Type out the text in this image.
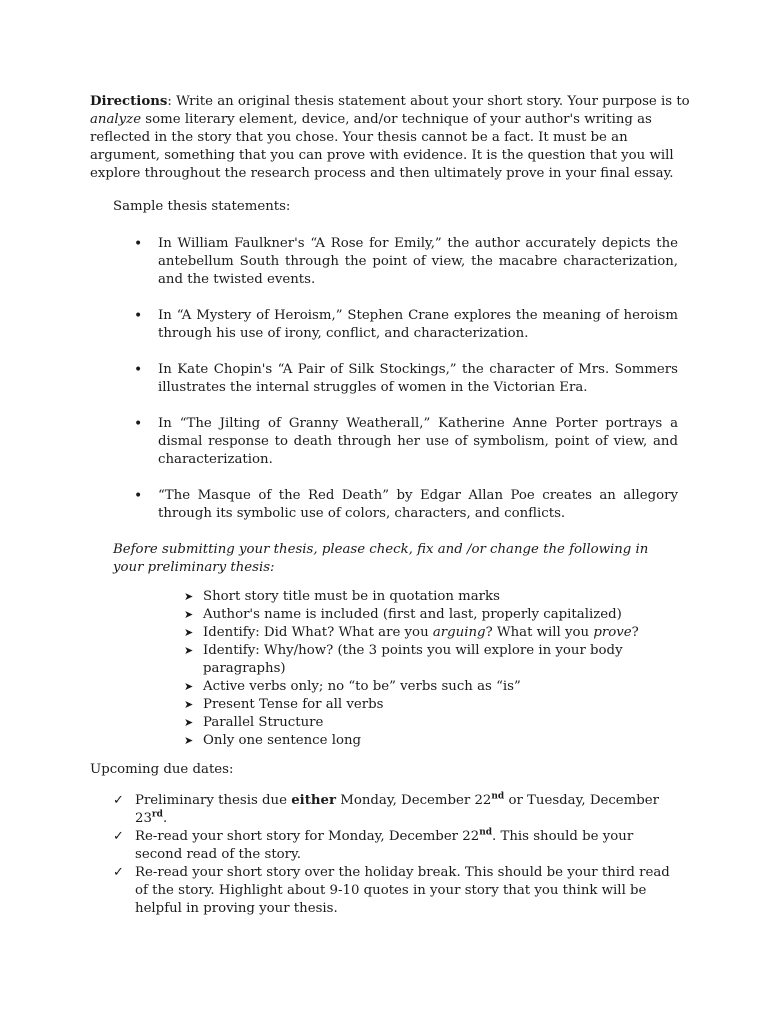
Directions: Write an original thesis statement about your short story. Your purpose is to analyze some literary element, device, and/or technique of your author's writing as reflected in the story that you chose. Your thesis cannot be a fact. It must be an argument, something that you can prove with evidence. It is the question that you will explore throughout the research process and then ultimately prove in your final essay.

Sample thesis statements:
• In William Faulkner's “A Rose for Emily,” the author accurately depicts the antebellum South through the point of view, the macabre characterization, and the twisted events.
• In “A Mystery of Heroism,” Stephen Crane explores the meaning of heroism through his use of irony, conflict, and characterization.
• In Kate Chopin's “A Pair of Silk Stockings,” the character of Mrs. Sommers illustrates the internal struggles of women in the Victorian Era.
• In “The Jilting of Granny Weatherall,” Katherine Anne Porter portrays a dismal response to death through her use of symbolism, point of view, and characterization.
• “The Masque of the Red Death” by Edgar Allan Poe creates an allegory through its symbolic use of colors, characters, and conflicts.

Before submitting your thesis, please check, fix and /or change the following in your preliminary thesis:

➤ Short story title must be in quotation marks
➤ Author's name is included (first and last, properly capitalized)
➤ Identify: Did What? What are you arguing? What will you prove?
➤ Identify: Why/how? (the 3 points you will explore in your body paragraphs)
➤ Active verbs only; no “to be” verbs such as “is”
➤ Present Tense for all verbs
➤ Parallel Structure
➤ Only one sentence long
Upcoming due dates:
✓ Preliminary thesis due either Monday, December 22nd or Tuesday, December 23rd.
✓ Re-read your short story for Monday, December 22nd. This should be your second read of the story.
✓ Re-read your short story over the holiday break. This should be your third read of the story. Highlight about 9-10 quotes in your story that you think will be helpful in proving your thesis.
